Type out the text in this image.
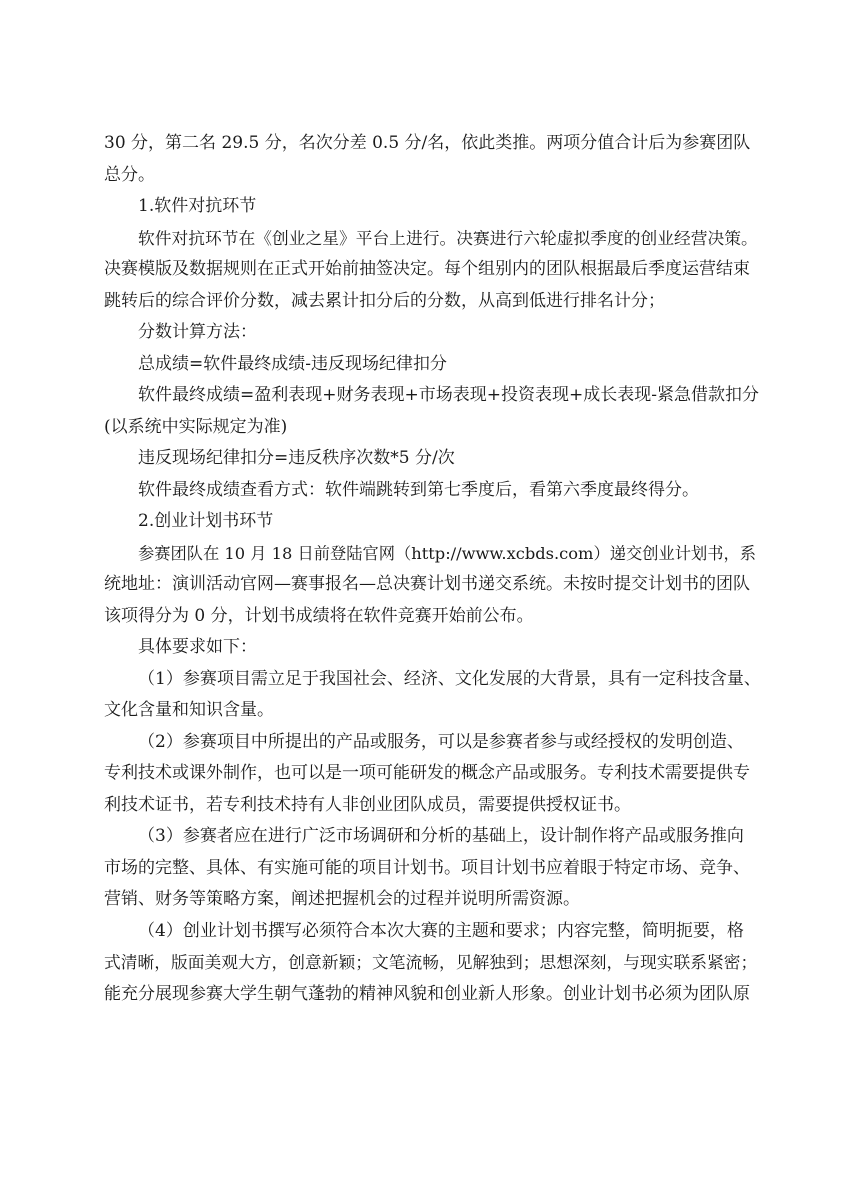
30 分，第二名 29.5 分，名次分差 0.5 分/名，依此类推。两项分值合计后为参赛团队
总分。
1.软件对抗环节
软件对抗环节在《创业之星》平台上进行。决赛进行六轮虚拟季度的创业经营决策。
决赛模版及数据规则在正式开始前抽签决定。每个组别内的团队根据最后季度运营结束
跳转后的综合评价分数，减去累计扣分后的分数，从高到低进行排名计分；
分数计算方法：
总成绩=软件最终成绩-违反现场纪律扣分
软件最终成绩=盈利表现+财务表现+市场表现+投资表现+成长表现-紧急借款扣分
(以系统中实际规定为准)
违反现场纪律扣分=违反秩序次数*5 分/次
软件最终成绩查看方式：软件端跳转到第七季度后，看第六季度最终得分。
2.创业计划书环节
参赛团队在 10 月 18 日前登陆官网（http://www.xcbds.com）递交创业计划书，系
统地址：演训活动官网—赛事报名—总决赛计划书递交系统。未按时提交计划书的团队
该项得分为 0 分，计划书成绩将在软件竞赛开始前公布。
具体要求如下：
（1）参赛项目需立足于我国社会、经济、文化发展的大背景，具有一定科技含量、
文化含量和知识含量。
（2）参赛项目中所提出的产品或服务，可以是参赛者参与或经授权的发明创造、
专利技术或课外制作，也可以是一项可能研发的概念产品或服务。专利技术需要提供专
利技术证书，若专利技术持有人非创业团队成员，需要提供授权证书。
（3）参赛者应在进行广泛市场调研和分析的基础上，设计制作将产品或服务推向
市场的完整、具体、有实施可能的项目计划书。项目计划书应着眼于特定市场、竞争、
营销、财务等策略方案，阐述把握机会的过程并说明所需资源。
（4）创业计划书撰写必须符合本次大赛的主题和要求；内容完整，简明扼要，格
式清晰，版面美观大方，创意新颖；文笔流畅，见解独到；思想深刻，与现实联系紧密；
能充分展现参赛大学生朝气蓬勃的精神风貌和创业新人形象。创业计划书必须为团队原
